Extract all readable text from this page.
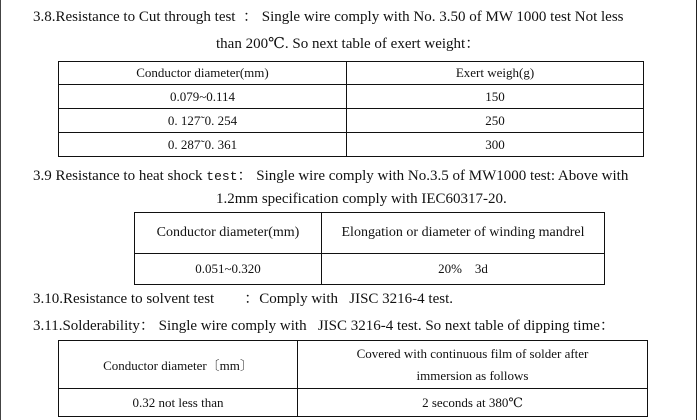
3.8.Resistance to Cut through test  ： Single wire comply with No. 3.50 of MW 1000 test Not less
than 200℃. So next table of exert weight：
Conductor diameter(mm)	Exert weigh(g)
0.079~0.114	150
0. 127˜0. 254	250
0. 287˜0. 361	300
3.9 Resistance to heat shock test： Single wire comply with No.3.5 of MW1000 test: Above with
1.2mm specification comply with IEC60317-20.
Conductor diameter(mm)	Elongation or diameter of winding mandrel
0.051~0.320	20%    3d
3.10.Resistance to solvent test        ：Comply with   JISC 3216-4 test.
3.11.Solderability： Single wire comply with   JISC 3216-4 test. So next table of dipping time：
Conductor diameter〔mm〕	Covered with continuous film of solder after
immersion as follows

0.32 not less than	2 seconds at 380℃
